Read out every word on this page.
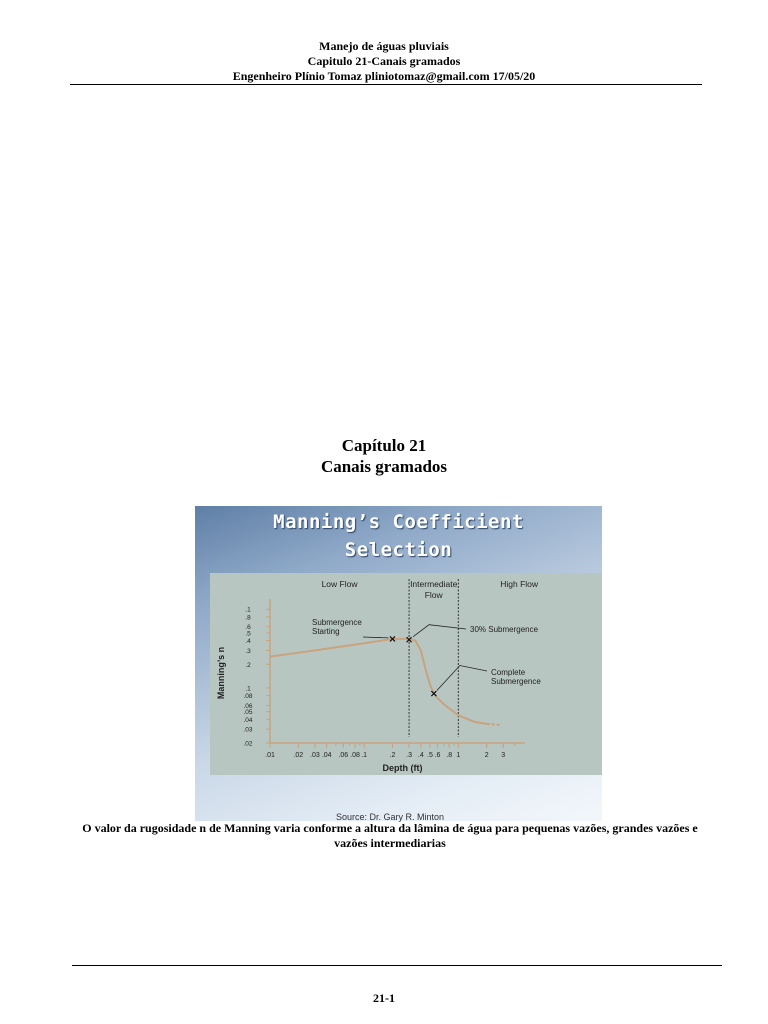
Manejo de águas pluviais
Capitulo 21-Canais gramados
Engenheiro Plínio Tomaz pliniotomaz@gmail.com 17/05/20
Capítulo 21
Canais gramados
Manning’s Coefficient
Selection
.01	.02 .03 .04 .06 .08 .1	.2 .3 .4 .5 .6 .8 1	2 3
.1
.8
.6
.5
.4
.3
.2
.1
.08
.06
.05
.04
.03
.02
Depth (ft)
Manning’s n
Low Flow	Intermediate
Flow
High Flow
Submergence
Starting	30% Submergence
Complete
Submergence
Source: Dr. Gary R. Minton
O valor da rugosidade n de Manning varia conforme a altura da lâmina de água para pequenas vazões, grandes vazões e vazões intermediarias
21-1
